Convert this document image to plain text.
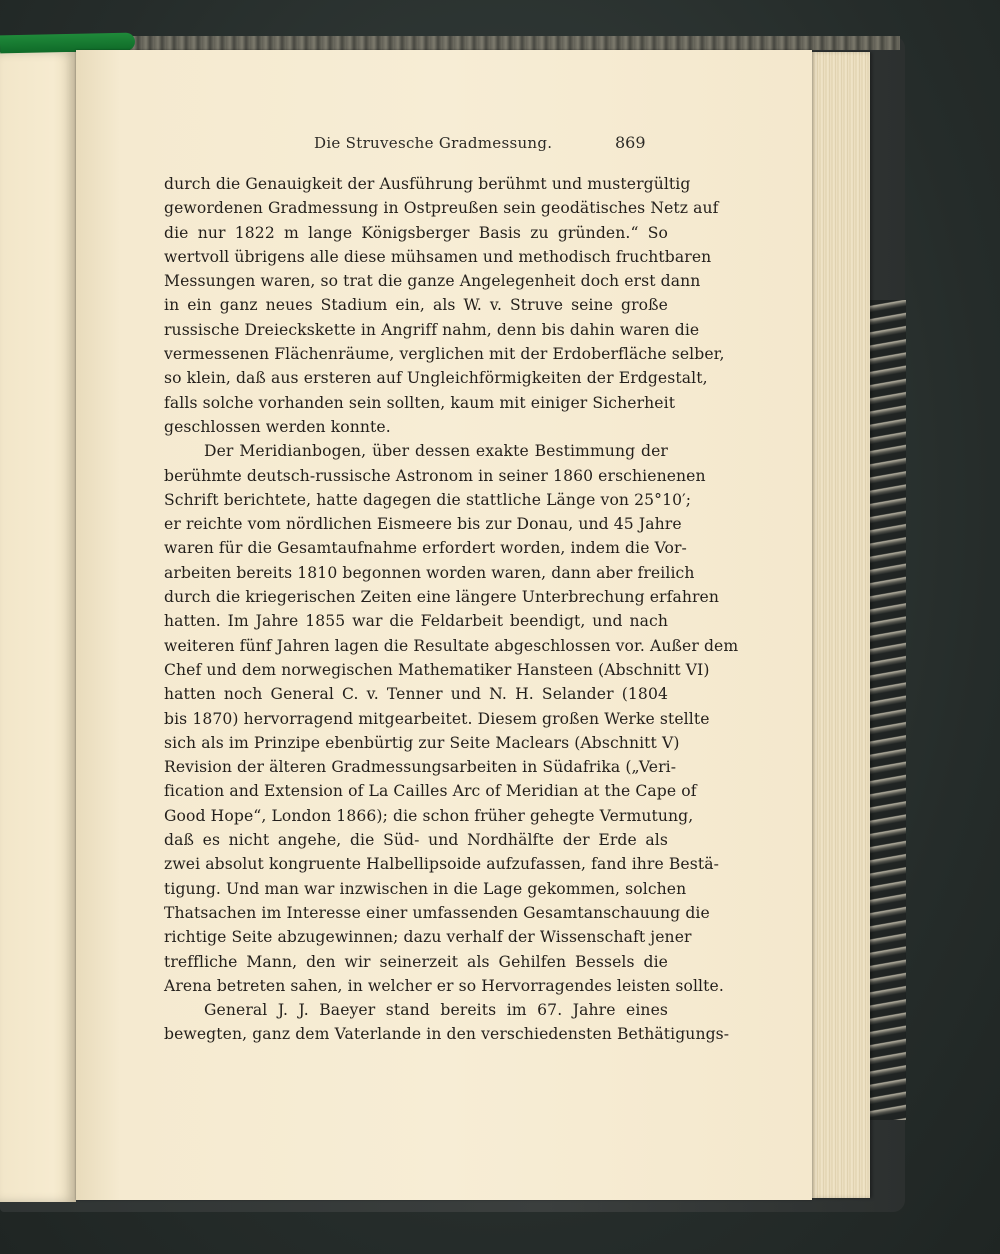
Die Struvesche Gradmessung.	869
durch die Genauigkeit der Ausführung berühmt und mustergültig
gewordenen Gradmessung in Ostpreußen sein geodätisches Netz auf
die nur 1822 m lange Königsberger Basis zu gründen.“ So
wertvoll übrigens alle diese mühsamen und methodisch fruchtbaren
Messungen waren, so trat die ganze Angelegenheit doch erst dann
in ein ganz neues Stadium ein, als W. v. Struve seine große
russische Dreieckskette in Angriff nahm, denn bis dahin waren die
vermessenen Flächenräume, verglichen mit der Erdoberfläche selber,
so klein, daß aus ersteren auf Ungleichförmigkeiten der Erdgestalt,
falls solche vorhanden sein sollten, kaum mit einiger Sicherheit
geschlossen werden konnte.
Der Meridianbogen, über dessen exakte Bestimmung der
berühmte deutsch-russische Astronom in seiner 1860 erschienenen
Schrift berichtete, hatte dagegen die stattliche Länge von 25°10′;
er reichte vom nördlichen Eismeere bis zur Donau, und 45 Jahre
waren für die Gesamtaufnahme erfordert worden, indem die Vor-
arbeiten bereits 1810 begonnen worden waren, dann aber freilich
durch die kriegerischen Zeiten eine längere Unterbrechung erfahren
hatten. Im Jahre 1855 war die Feldarbeit beendigt, und nach
weiteren fünf Jahren lagen die Resultate abgeschlossen vor. Außer dem
Chef und dem norwegischen Mathematiker Hansteen (Abschnitt VI)
hatten noch General C. v. Tenner und N. H. Selander (1804
bis 1870) hervorragend mitgearbeitet. Diesem großen Werke stellte
sich als im Prinzipe ebenbürtig zur Seite Maclears (Abschnitt V)
Revision der älteren Gradmessungsarbeiten in Südafrika („Veri-
fication and Extension of La Cailles Arc of Meridian at the Cape of
Good Hope“, London 1866); die schon früher gehegte Vermutung,
daß es nicht angehe, die Süd- und Nordhälfte der Erde als
zwei absolut kongruente Halbellipsoide aufzufassen, fand ihre Bestä-
tigung. Und man war inzwischen in die Lage gekommen, solchen
Thatsachen im Interesse einer umfassenden Gesamtanschauung die
richtige Seite abzugewinnen; dazu verhalf der Wissenschaft jener
treffliche Mann, den wir seinerzeit als Gehilfen Bessels die
Arena betreten sahen, in welcher er so Hervorragendes leisten sollte.
General J. J. Baeyer stand bereits im 67. Jahre eines
bewegten, ganz dem Vaterlande in den verschiedensten Bethätigungs-
